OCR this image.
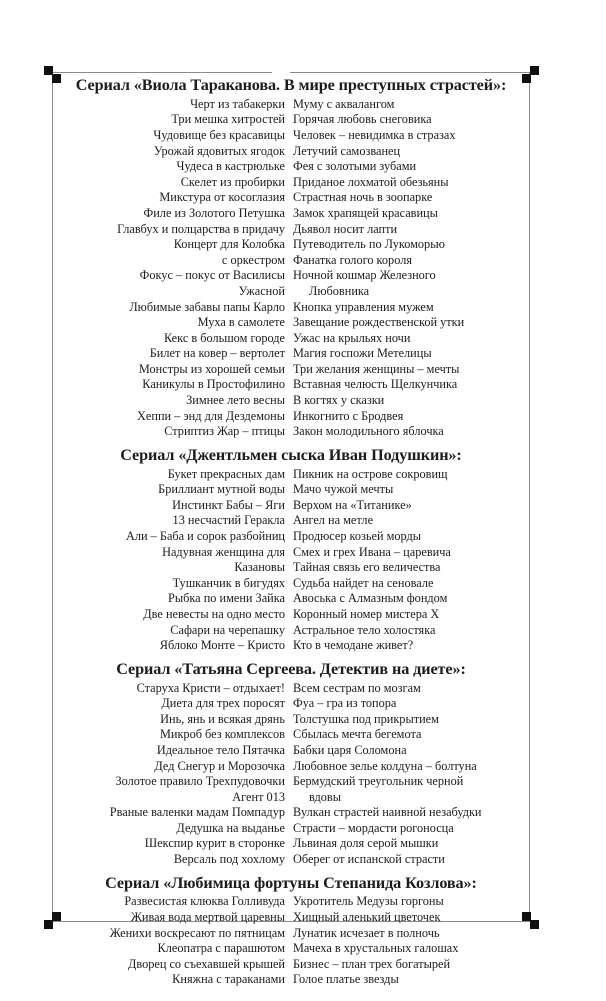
Сериал «Виола Тараканова. В мире преступных страстей»:
Черт из табакерки
Три мешка хитростей
Чудовище без красавицы
Урожай ядовитых ягодок
Чудеса в кастрюльке
Скелет из пробирки
Микстура от косоглазия
Филе из Золотого Петушка
Главбух и полцарства в придачу
Концерт для Колобка
с оркестром
Фокус – покус от Василисы
Ужасной
Любимые забавы папы Карло
Муха в самолете
Кекс в большом городе
Билет на ковер – вертолет
Монстры из хорошей семьи
Каникулы в Простофилино
Зимнее лето весны
Хеппи – энд для Дездемоны
Стриптиз Жар – птицы
Муму с аквалангом
Горячая любовь снеговика
Человек – невидимка в стразах
Летучий самозванец
Фея с золотыми зубами
Приданое лохматой обезьяны
Страстная ночь в зоопарке
Замок храпящей красавицы
Дьявол носит лапти
Путеводитель по Лукоморью
Фанатка голого короля
Ночной кошмар Железного
Любовника
Кнопка управления мужем
Завещание рождественской утки
Ужас на крыльях ночи
Магия госпожи Метелицы
Три желания женщины – мечты
Вставная челюсть Щелкунчика
В когтях у сказки
Инкогнито с Бродвея
Закон молодильного яблочка
Сериал «Джентльмен сыска Иван Подушкин»:
Букет прекрасных дам
Бриллиант мутной воды
Инстинкт Бабы – Яги
13 несчастий Геракла
Али – Баба и сорок разбойниц
Надувная женщина для
Казановы
Тушканчик в бигудях
Рыбка по имени Зайка
Две невесты на одно место
Сафари на черепашку
Яблоко Монте – Кристо
Пикник на острове сокровищ
Мачо чужой мечты
Верхом на «Титанике»
Ангел на метле
Продюсер козьей морды
Смех и грех Ивана – царевича
Тайная связь его величества
Судьба найдет на сеновале
Авоська с Алмазным фондом
Коронный номер мистера Х
Астральное тело холостяка
Кто в чемодане живет?
Сериал «Татьяна Сергеева. Детектив на диете»:
Старуха Кристи – отдыхает!
Диета для трех поросят
Инь, янь и всякая дрянь
Микроб без комплексов
Идеальное тело Пятачка
Дед Снегур и Морозочка
Золотое правило Трехпудовочки
Агент 013
Рваные валенки мадам Помпадур
Дедушка на выданье
Шекспир курит в сторонке
Версаль под хохлому
Всем сестрам по мозгам
Фуа – гра из топора
Толстушка под прикрытием
Сбылась мечта бегемота
Бабки царя Соломона
Любовное зелье колдуна – болтуна
Бермудский треугольник черной
вдовы
Вулкан страстей наивной незабудки
Страсти – мордасти рогоносца
Львиная доля серой мышки
Оберег от испанской страсти
Сериал «Любимица фортуны Степанида Козлова»:
Развесистая клюква Голливуда
Живая вода мертвой царевны
Женихи воскресают по пятницам
Клеопатра с парашютом
Дворец со съехавшей крышей
Княжна с тараканами
Укротитель Медузы горгоны
Хищный аленький цветочек
Лунатик исчезает в полночь
Мачеха в хрустальных галошах
Бизнес – план трех богатырей
Голое платье звезды
